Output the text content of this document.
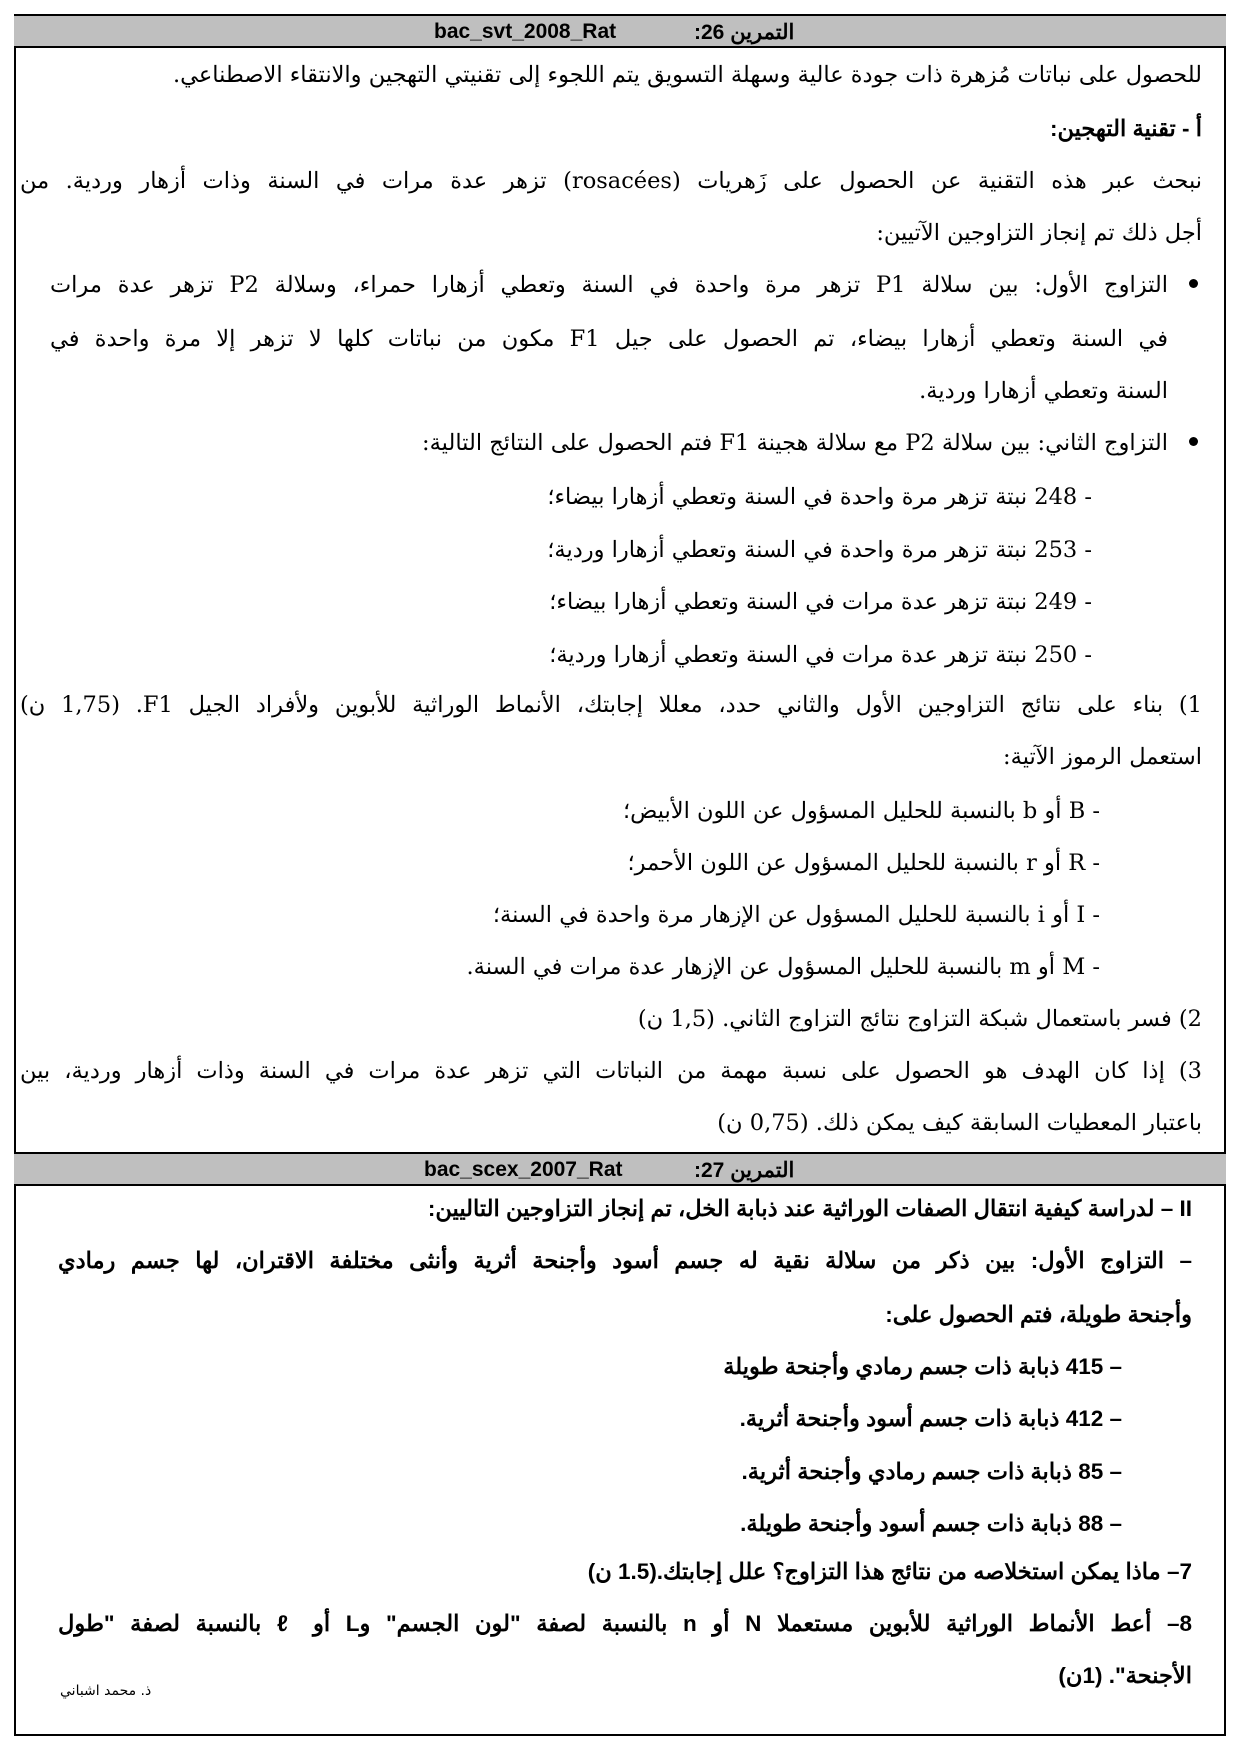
bac_svt_2008_Rat	التمرين 26:
للحصول على نباتات مُزهرة ذات جودة عالية وسهلة التسويق يتم اللجوء إلى تقنيتي التهجين والانتقاء الاصطناعي.
أ - تقنية التهجين:
نبحث عبر هذه التقنية عن الحصول على زَهريات (rosacées) تزهر عدة مرات في السنة وذات أزهار وردية. من
أجل ذلك تم إنجاز التزاوجين الآتيين:
التزاوج الأول: بين سلالة P1 تزهر مرة واحدة في السنة وتعطي أزهارا حمراء، وسلالة P2 تزهر عدة مرات
في السنة وتعطي أزهارا بيضاء، تم الحصول على جيل F1 مكون من نباتات كلها لا تزهر إلا مرة واحدة في
السنة وتعطي أزهارا وردية.
التزاوج الثاني: بين سلالة P2 مع سلالة هجينة F1 فتم الحصول على النتائج التالية:
- 248 نبتة تزهر مرة واحدة في السنة وتعطي أزهارا بيضاء؛
- 253 نبتة تزهر مرة واحدة في السنة وتعطي أزهارا وردية؛
- 249 نبتة تزهر عدة مرات في السنة وتعطي أزهارا بيضاء؛
- 250 نبتة تزهر عدة مرات في السنة وتعطي أزهارا وردية؛
1) بناء على نتائج التزاوجين الأول والثاني حدد، معللا إجابتك، الأنماط الوراثية للأبوين ولأفراد الجيل F1. (1,75 ن)
استعمل الرموز الآتية:
- B أو b بالنسبة للحليل المسؤول عن اللون الأبيض؛
- R أو r بالنسبة للحليل المسؤول عن اللون الأحمر؛
- I أو i بالنسبة للحليل المسؤول عن الإزهار مرة واحدة في السنة؛
- M أو m بالنسبة للحليل المسؤول عن الإزهار عدة مرات في السنة.
2) فسر باستعمال شبكة التزاوج نتائج التزاوج الثاني. (1,5 ن)
3) إذا كان الهدف هو الحصول على نسبة مهمة من النباتات التي تزهر عدة مرات في السنة وذات أزهار وردية، بين
باعتبار المعطيات السابقة كيف يمكن ذلك. (0,75 ن)
bac_scex_2007_Rat	التمرين 27:
II – لدراسة كيفية انتقال الصفات الوراثية عند ذبابة الخل، تم إنجاز التزاوجين التاليين:
– التزاوج الأول: بين ذكر من سلالة نقية له جسم أسود وأجنحة أثرية وأنثى مختلفة الاقتران، لها جسم رمادي
وأجنحة طويلة، فتم الحصول على:
– 415 ذبابة ذات جسم رمادي وأجنحة طويلة
– 412 ذبابة ذات جسم أسود وأجنحة أثرية.
– 85 ذبابة ذات جسم رمادي وأجنحة أثرية.
– 88 ذبابة ذات جسم أسود وأجنحة طويلة.
7– ماذا يمكن استخلاصه من نتائج هذا التزاوج؟ علل إجابتك.(1.5 ن)
8– أعط الأنماط الوراثية للأبوين مستعملا N أو n بالنسبة لصفة "لون الجسم" وL أو ℓ بالنسبة لصفة "طول
الأجنحة". (1ن)
ذ. محمد اشباني
